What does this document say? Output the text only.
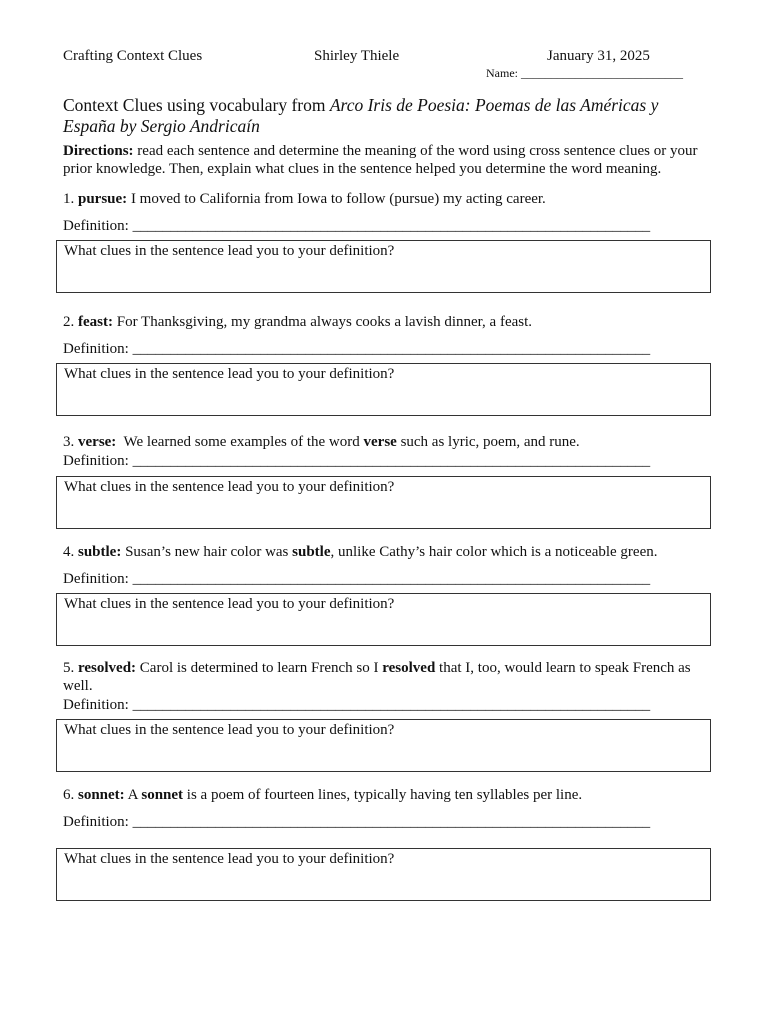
Crafting Context Clues	Shirley Thiele	January 31, 2025
Name: ___________________________
Context Clues using vocabulary from Arco Iris de Poesia: Poemas de las Américas y España by Sergio Andricaín
Directions: read each sentence and determine the meaning of the word using cross sentence clues or your prior knowledge. Then, explain what clues in the sentence helped you determine the word meaning.
1. pursue: I moved to California from Iowa to follow (pursue) my acting career.
Definition: _____________________________________________________________________
What clues in the sentence lead you to your definition?
2. feast: For Thanksgiving, my grandma always cooks a lavish dinner, a feast.
Definition: _____________________________________________________________________
What clues in the sentence lead you to your definition?
3. verse:  We learned some examples of the word verse such as lyric, poem, and rune.
Definition: _____________________________________________________________________
What clues in the sentence lead you to your definition?
4. subtle: Susan’s new hair color was subtle, unlike Cathy’s hair color which is a noticeable green.
Definition: _____________________________________________________________________
What clues in the sentence lead you to your definition?
5. resolved: Carol is determined to learn French so I resolved that I, too, would learn to speak French as well.
Definition: _____________________________________________________________________
What clues in the sentence lead you to your definition?
6. sonnet: A sonnet is a poem of fourteen lines, typically having ten syllables per line.
Definition: _____________________________________________________________________
What clues in the sentence lead you to your definition?
